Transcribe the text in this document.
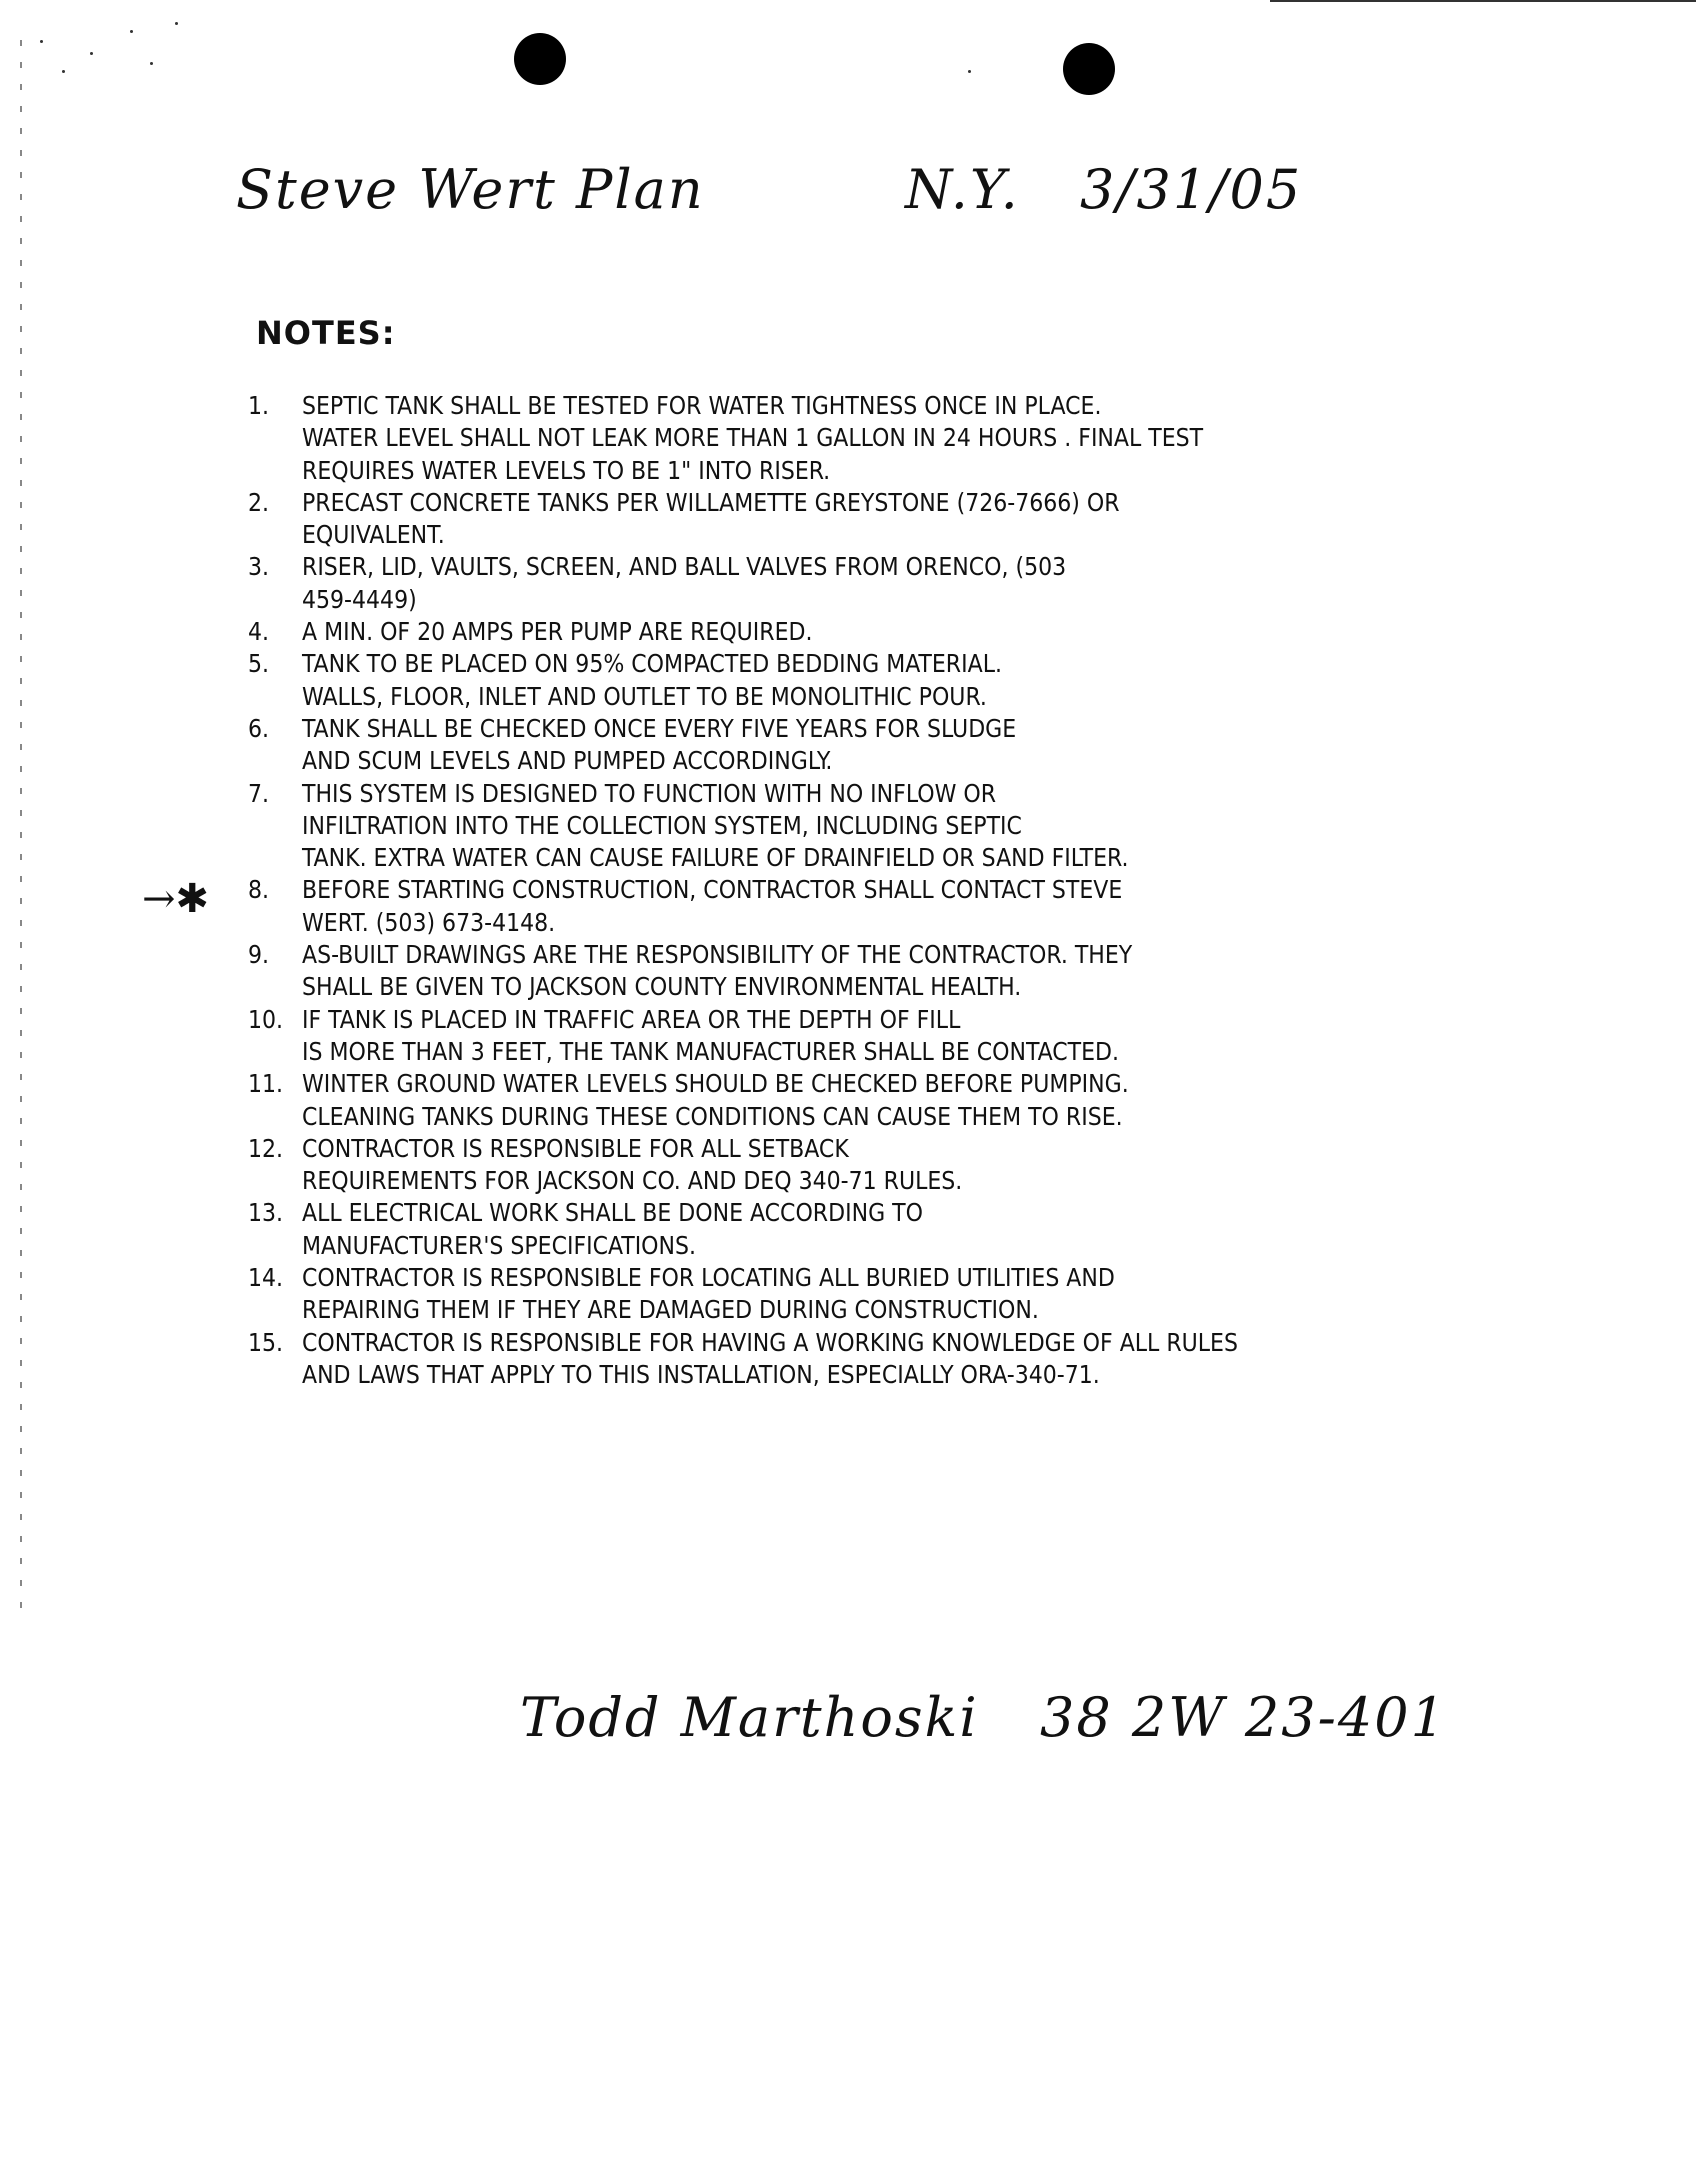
Steve Wert Plan	N.Y. 3/31/05
NOTES:
1.	SEPTIC TANK SHALL BE TESTED FOR WATER TIGHTNESS ONCE IN PLACE.
WATER LEVEL SHALL NOT LEAK MORE THAN 1 GALLON IN 24 HOURS . FINAL TEST
REQUIRES WATER LEVELS TO BE 1" INTO RISER.
2.	PRECAST CONCRETE TANKS PER WILLAMETTE GREYSTONE (726-7666) OR
EQUIVALENT.
3.	RISER, LID, VAULTS, SCREEN, AND BALL VALVES FROM ORENCO, (503
459-4449)
4.	A MIN. OF 20 AMPS PER PUMP ARE REQUIRED.
5.	TANK TO BE PLACED ON 95% COMPACTED BEDDING MATERIAL.
WALLS, FLOOR, INLET AND OUTLET TO BE MONOLITHIC POUR.
6.	TANK SHALL BE CHECKED ONCE EVERY FIVE YEARS FOR SLUDGE
AND SCUM LEVELS AND PUMPED ACCORDINGLY.
7.	THIS SYSTEM IS DESIGNED TO FUNCTION WITH NO INFLOW OR
INFILTRATION INTO THE COLLECTION SYSTEM, INCLUDING SEPTIC
TANK. EXTRA WATER CAN CAUSE FAILURE OF DRAINFIELD OR SAND FILTER.
8.	BEFORE STARTING CONSTRUCTION, CONTRACTOR SHALL CONTACT STEVE
WERT. (503) 673-4148.
9.	AS-BUILT DRAWINGS ARE THE RESPONSIBILITY OF THE CONTRACTOR. THEY
SHALL BE GIVEN TO JACKSON COUNTY ENVIRONMENTAL HEALTH.
10. IF TANK IS PLACED IN TRAFFIC AREA OR THE DEPTH OF FILL
IS MORE THAN 3 FEET, THE TANK MANUFACTURER SHALL BE CONTACTED.
11. WINTER GROUND WATER LEVELS SHOULD BE CHECKED BEFORE PUMPING.
CLEANING TANKS DURING THESE CONDITIONS CAN CAUSE THEM TO RISE.
12. CONTRACTOR IS RESPONSIBLE FOR ALL SETBACK
REQUIREMENTS FOR JACKSON CO. AND DEQ 340-71 RULES.
13. ALL ELECTRICAL WORK SHALL BE DONE ACCORDING TO
MANUFACTURER'S SPECIFICATIONS.
14. CONTRACTOR IS RESPONSIBLE FOR LOCATING ALL BURIED UTILITIES AND
REPAIRING THEM IF THEY ARE DAMAGED DURING CONSTRUCTION.
15. CONTRACTOR IS RESPONSIBLE FOR HAVING A WORKING KNOWLEDGE OF ALL RULES
AND LAWS THAT APPLY TO THIS INSTALLATION, ESPECIALLY ORA-340-71.
→✱
Todd Marthoski 38 2W 23-401
